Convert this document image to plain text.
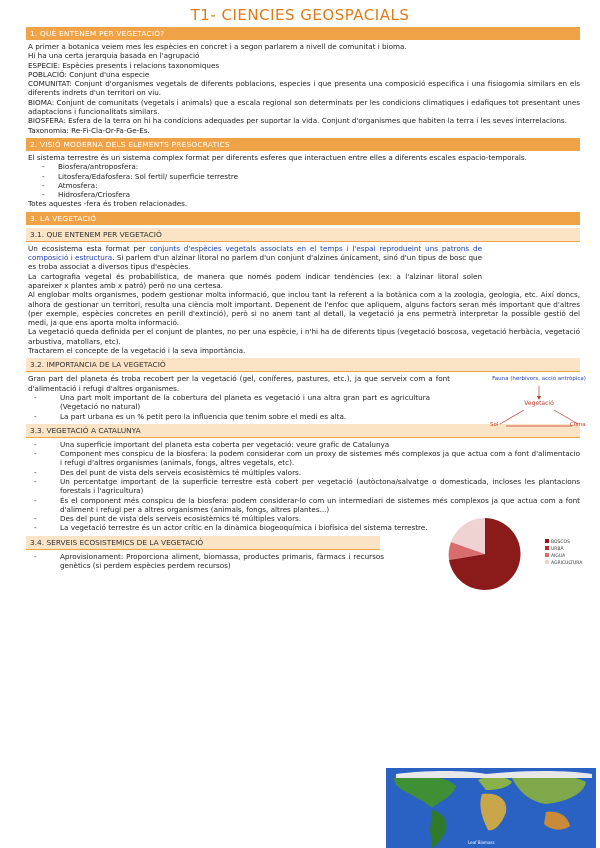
T1- CIENCIES GEOSPACIALS
1. QUÈ ENTENEM PER VEGETACIÓ?
A primer a botanica veiem mes les espècies en concret i a segon parlarem a nivell de comunitat i bioma.
Hi ha una certa jerarquia basada en l'agrupació
ESPECIE: Espècies presents i relacions taxonomiques
POBLACIÓ: Conjunt d'una especie
COMUNITAT: Conjunt d'organismes vegetals de diferents poblacions, especies i que presenta una composició especifica i una fisiogomia similars en els diferents indrets d'un territori on viu.
BIOMA: Conjunt de comunitats (vegetals i animals) que a escala regional son determinats per les condicions climatiques i edafiques tot presentant unes adaptacions i funcionalitats similars.
BIOSFERA: Esfera de la terra on hi ha condicions adequades per suportar la vida. Conjunt d'organismes que habiten la terra i les seves interrelacions.
Taxonomia: Re-Fi-Cla-Or-Fa-Ge-Es.
2. VISIÓ MODERNA DELS ELEMENTS PRESOCRATICS
El sistema terrestre és un sistema complex format per diferents esferes que interactuen entre elles a diferents escales espacio-temporals.
- Biosfera/antroposfera:
- Litosfera/Edafosfera: Sol fertil/ superficie terrestre
- Atmosfera:
- Hidrosfera/Criosfera
Totes aquestes -fera és troben relacionades.
3. LA VEGETACIÓ
3.1. QUE ENTENEM PER VEGETACIÓ
Un ecosistema esta format per conjunts d'espècies vegetals associats en el temps i l'espai reprodueint uns patrons de composició i estructura. Si parlem d'un alzinar litoral no parlem d'un conjunt d'alzines únicament, sinó d'un tipus de bosc que es troba associat a diversos tipus d'espècies.
La cartografia vegetal és probabilística, de manera que només podem indicar tendències (ex: a l'alzinar litoral solen apareixer x plantes amb x patró) però no una certesa.
Al englobar molts organismes, podem gestionar molta informació, que inclou tant la referent a la botànica com a la zoologia, geologia, etc. Així doncs, alhora de gestionar un territori, resulta una ciència molt important. Depenent de l'enfoc que apliquem, alguns factors seran més important que d'altres (per exemple, espècies concretes en perill d'extinció), però si no anem tant al detall, la vegetació ja ens permetrà interpretar la possible gestió del medi, ja que ens aporta molta informació.
La vegetació queda definida per el conjunt de plantes, no per una espècie, i n'hi ha de diferents tipus (vegetació boscosa, vegetació herbàcia, vegetació arbustiva, matollars, etc).
Tractarem el concepte de la vegetació i la seva importància.
3.2. IMPORTANCIA DE LA VEGETACIÓ
Gran part del planeta és troba recobert per la vegetació (gel, coníferes, pastures, etc.), ja que serveix com a font d'alimentació i refugi d'altres organismes.
- Una part molt important de la cobertura del planeta es vegetació i una altra gran part es agricultura (Vegetació no natural)
- La part urbana es un % petit pero la influencia que tenim sobre el medi es alta.
3.3. VEGETACIÓ A CATALUNYA
- Una superficie important del planeta esta coberta per vegetació: veure grafic de Catalunya
- Component mes conspicu de la biosfera: la podem considerar com un proxy de sistemes més complexos ja que actua com a font d'alimentacio i refugi d'altres organismes (animals, fongs, altres vegetals, etc).
- Des del punt de vista dels serveis ecosistèmics té múltiples valors.
- Un percentatge important de la superficie terrestre està cobert per vegetació (autòctona/salvatge o domesticada, incloses les plantacions forestals i l'agricultura)
- És el component més conspicu de la biosfera: podem considerar-lo com un intermediari de sistemes més complexos ja que actua com a font d'aliment i refugi per a altres organismes (animals, fongs, altres plantes...)
- Des del punt de vista dels serveis ecosistèmics té múltiples valors.
- La vegetació terrestre és un actor crític en la dinàmica biogeoquímica i biofísica del sistema terrestre.
3.4. SERVEIS ECOSISTEMICS DE LA VEGETACIÓ
- Aprovisionament: Proporciona aliment, biomassa, productes primaris, fàrmacs i recursos genètics (si perdem espècies perdem recursos)
Fauna (herbívors, acció antròpica)
Vegetació
Sòl	Clima
BOSCOS
URBÀ
AIGUA
AGRICULTURA
Leaf Biomass
